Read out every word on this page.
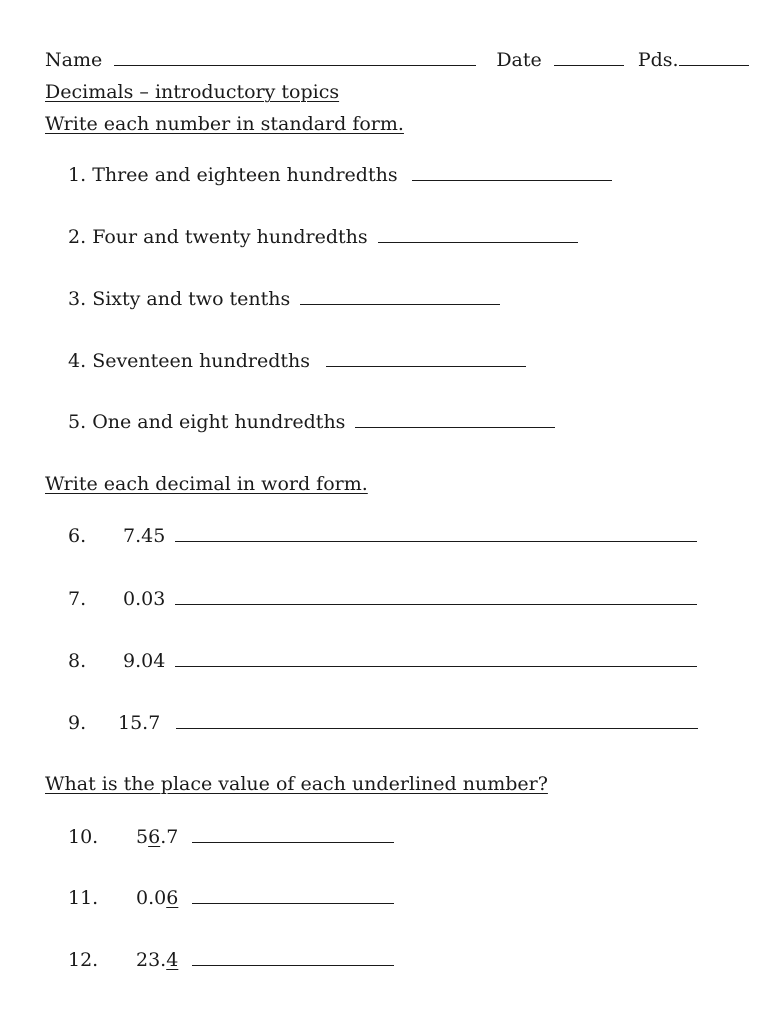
Name	Date	Pds.
Decimals – introductory topics
Write each number in standard form.
1. Three and eighteen hundredths
2. Four and twenty hundredths
3. Sixty and two tenths
4. Seventeen hundredths
5. One and eight hundredths
Write each decimal in word form.
6. 7.45
7. 0.03
8. 9.04
9. 15.7
What is the place value of each underlined number?
10. 56.7
11. 0.06
12. 23.4
